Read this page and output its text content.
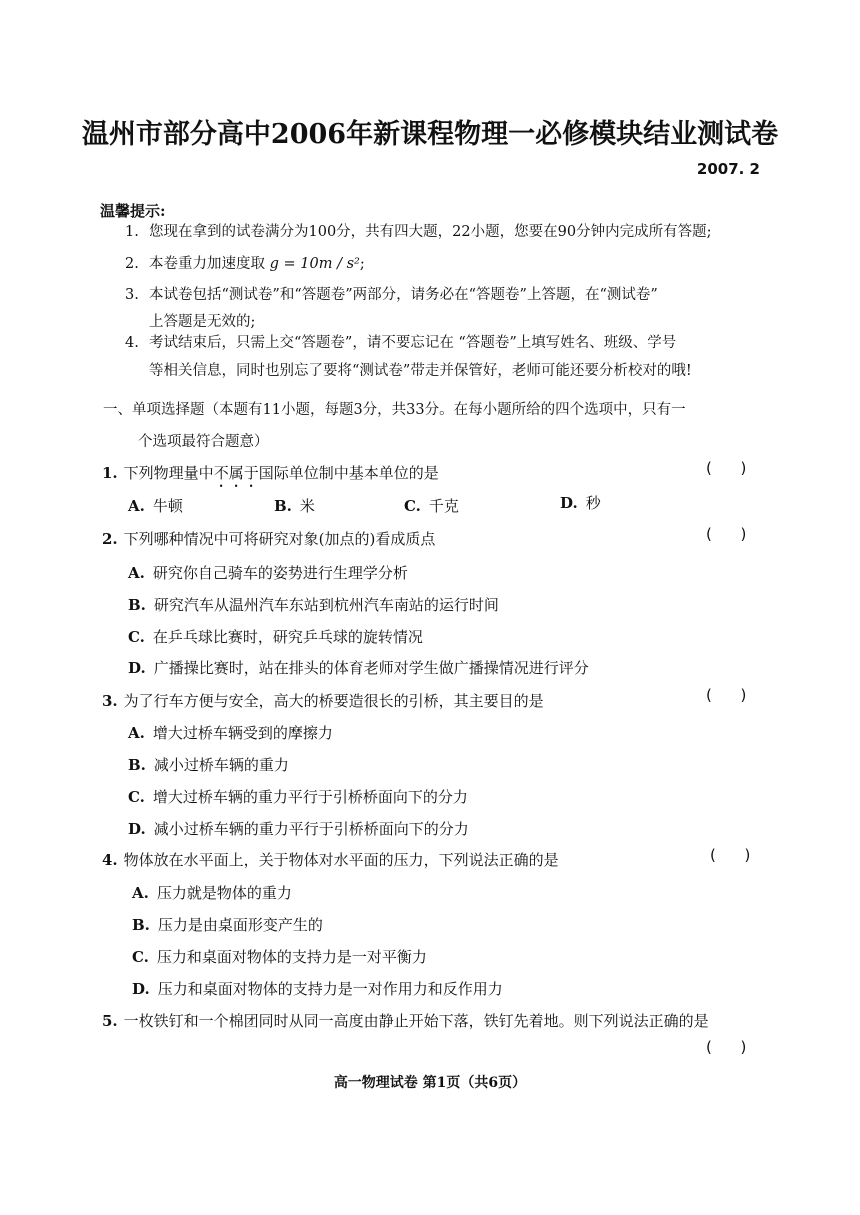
温州市部分高中2006年新课程物理一必修模块结业测试卷
2007. 2
温馨提示:
1. 您现在拿到的试卷满分为100分，共有四大题，22小题，您要在90分钟内完成所有答题;
2. 本卷重力加速度取 g = 10m / s²;
3. 本试卷包括“测试卷”和“答题卷”两部分，请务必在“答题卷”上答题，在“测试卷”
上答题是无效的;
4. 考试结束后，只需上交“答题卷”，请不要忘记在 “答题卷”上填写姓名、班级、学号
等相关信息，同时也别忘了要将“测试卷”带走并保管好，老师可能还要分析校对的哦!
一、单项选择题（本题有11小题，每题3分，共33分。在每小题所给的四个选项中，只有一
个选项最符合题意）
1. 下列物理量中不属于国际单位制中基本单位的是	(      )
A. 牛顿	B. 米	C. 千克	D. 秒
2. 下列哪种情况中可将研究对象(加点的)看成质点	(      )
A. 研究你自己骑车的姿势进行生理学分析
B. 研究汽车从温州汽车东站到杭州汽车南站的运行时间
C. 在乒乓球比赛时，研究乒乓球的旋转情况
D. 广播操比赛时，站在排头的体育老师对学生做广播操情况进行评分
3. 为了行车方便与安全，高大的桥要造很长的引桥，其主要目的是	(      )
A. 增大过桥车辆受到的摩擦力
B. 减小过桥车辆的重力
C. 增大过桥车辆的重力平行于引桥桥面向下的分力
D. 减小过桥车辆的重力平行于引桥桥面向下的分力
4. 物体放在水平面上，关于物体对水平面的压力，下列说法正确的是	(      )
A. 压力就是物体的重力
B. 压力是由桌面形变产生的
C. 压力和桌面对物体的支持力是一对平衡力
D. 压力和桌面对物体的支持力是一对作用力和反作用力
5. 一枚铁钉和一个棉团同时从同一高度由静止开始下落，铁钉先着地。则下列说法正确的是
(      )
高一物理试卷 第1页（共6页）
